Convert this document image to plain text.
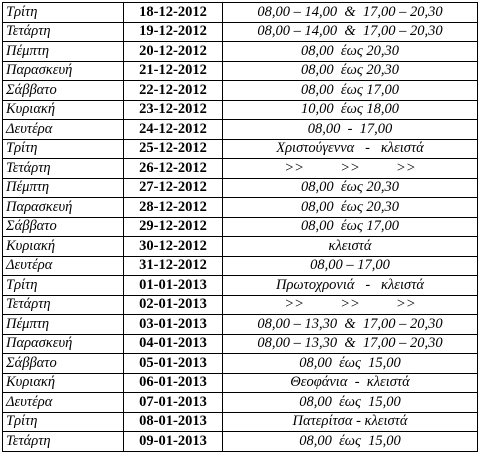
Τρίτη	18-12-2012	08,00 – 14,00  &  17,00 – 20,30
Τετάρτη	19-12-2012	08,00 – 14,00  &  17,00 – 20,30
Πέμπτη	20-12-2012	08,00  έως 20,30
Παρασκευή	21-12-2012	08,00  έως 20,30
Σάββατο	22-12-2012	08,00  έως 17,00
Κυριακή	23-12-2012	10,00  έως 18,00
Δευτέρα	24-12-2012	08,00  -  17,00
Τρίτη	25-12-2012	Χριστούγεννα   -   κλειστά
Τετάρτη	26-12-2012	>>          >>          >>
Πέμπτη	27-12-2012	08,00  έως 20,30
Παρασκευή	28-12-2012	08,00  έως 20,30
Σάββατο	29-12-2012	08,00  έως 17,00
Κυριακή	30-12-2012	κλειστά
Δευτέρα	31-12-2012	08,00 – 17,00
Τρίτη	01-01-2013	Πρωτοχρονιά   -   κλειστά
Τετάρτη	02-01-2013	>>          >>          >>
Πέμπτη	03-01-2013	08,00 – 13,30  &  17,00 – 20,30
Παρασκευή	04-01-2013	08,00 – 13,30  &  17,00 – 20,30
Σάββατο	05-01-2013	08,00  έως  15,00
Κυριακή	06-01-2013	Θεοφάνια  -  κλειστά
Δευτέρα	07-01-2013	08,00  έως  15,00
Τρίτη	08-01-2013	Πατερίτσα - κλειστά
Τετάρτη	09-01-2013	08,00  έως  15,00
